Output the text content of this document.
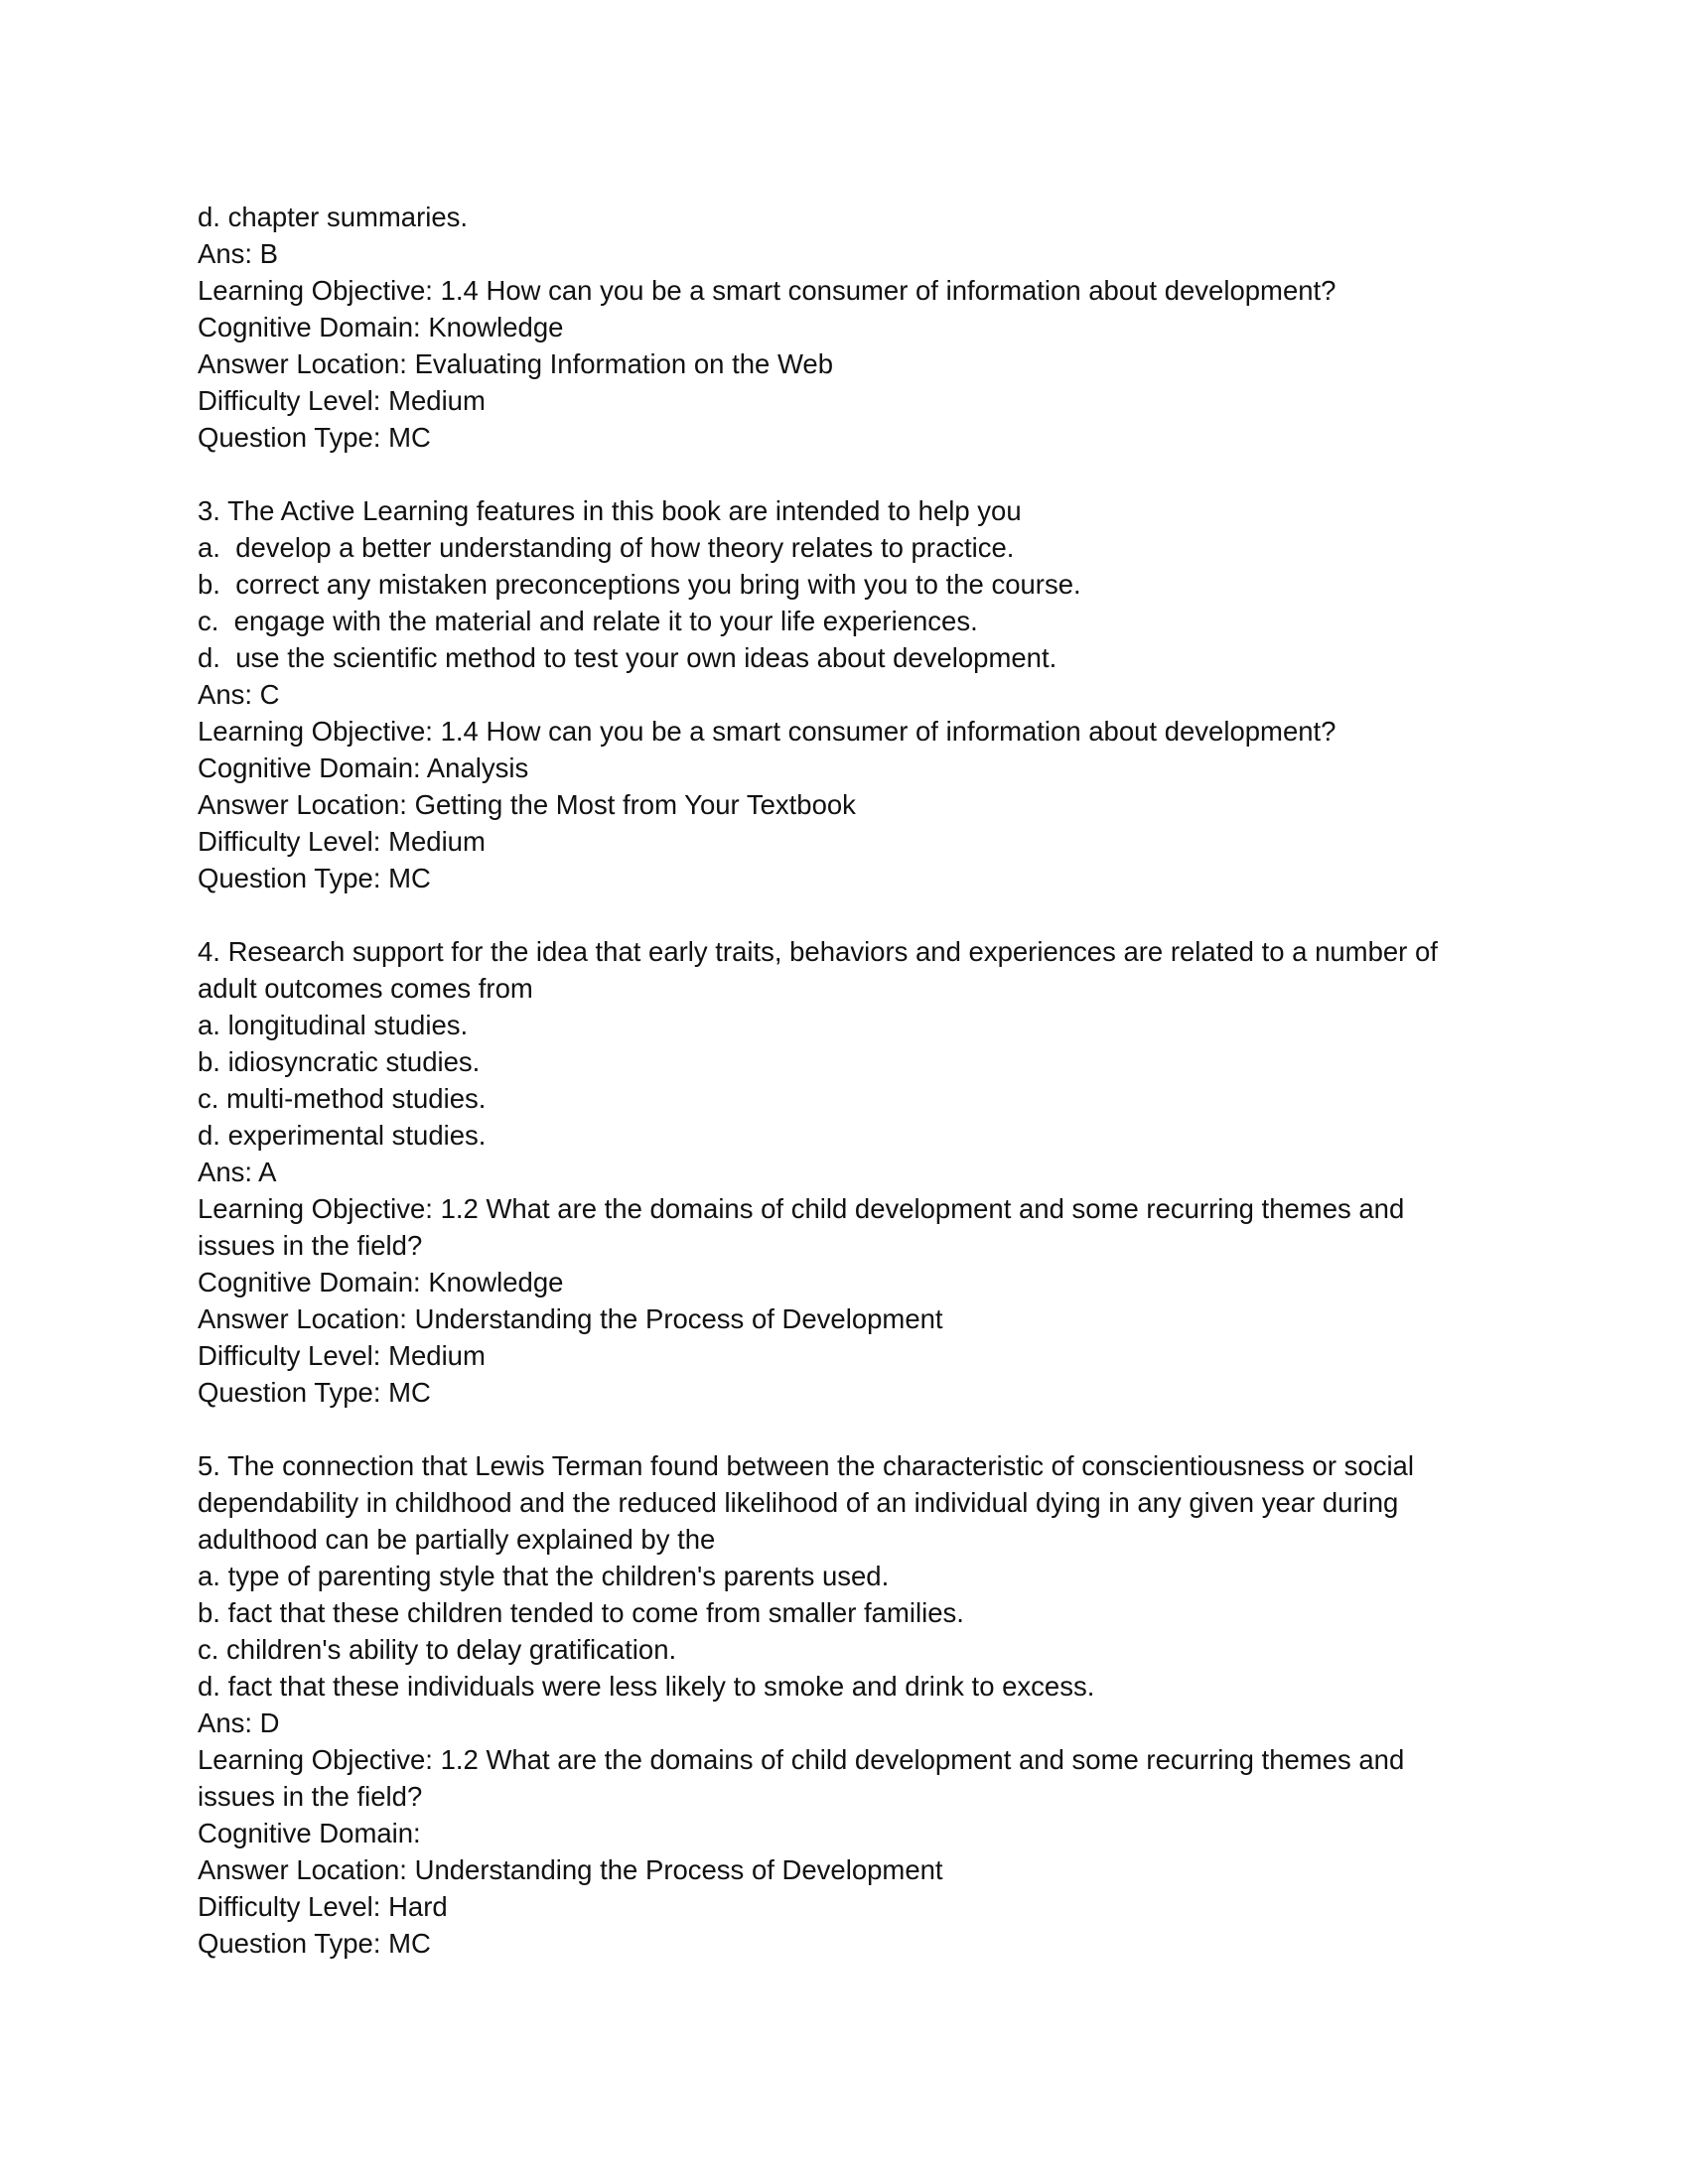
d. chapter summaries.
Ans: B
Learning Objective: 1.4 How can you be a smart consumer of information about development?
Cognitive Domain: Knowledge
Answer Location: Evaluating Information on the Web
Difficulty Level: Medium
Question Type: MC
3. The Active Learning features in this book are intended to help you
a.  develop a better understanding of how theory relates to practice.
b.  correct any mistaken preconceptions you bring with you to the course.
c.  engage with the material and relate it to your life experiences.
d.  use the scientific method to test your own ideas about development.
Ans: C
Learning Objective: 1.4 How can you be a smart consumer of information about development?
Cognitive Domain: Analysis
Answer Location: Getting the Most from Your Textbook
Difficulty Level: Medium
Question Type: MC
4. Research support for the idea that early traits, behaviors and experiences are related to a number of
adult outcomes comes from
a. longitudinal studies.
b. idiosyncratic studies.
c. multi-method studies.
d. experimental studies.
Ans: A
Learning Objective: 1.2 What are the domains of child development and some recurring themes and
issues in the field?
Cognitive Domain: Knowledge
Answer Location: Understanding the Process of Development
Difficulty Level: Medium
Question Type: MC
5. The connection that Lewis Terman found between the characteristic of conscientiousness or social
dependability in childhood and the reduced likelihood of an individual dying in any given year during
adulthood can be partially explained by the
a. type of parenting style that the children's parents used.
b. fact that these children tended to come from smaller families.
c. children's ability to delay gratification.
d. fact that these individuals were less likely to smoke and drink to excess.
Ans: D
Learning Objective: 1.2 What are the domains of child development and some recurring themes and
issues in the field?
Cognitive Domain:
Answer Location: Understanding the Process of Development
Difficulty Level: Hard
Question Type: MC
